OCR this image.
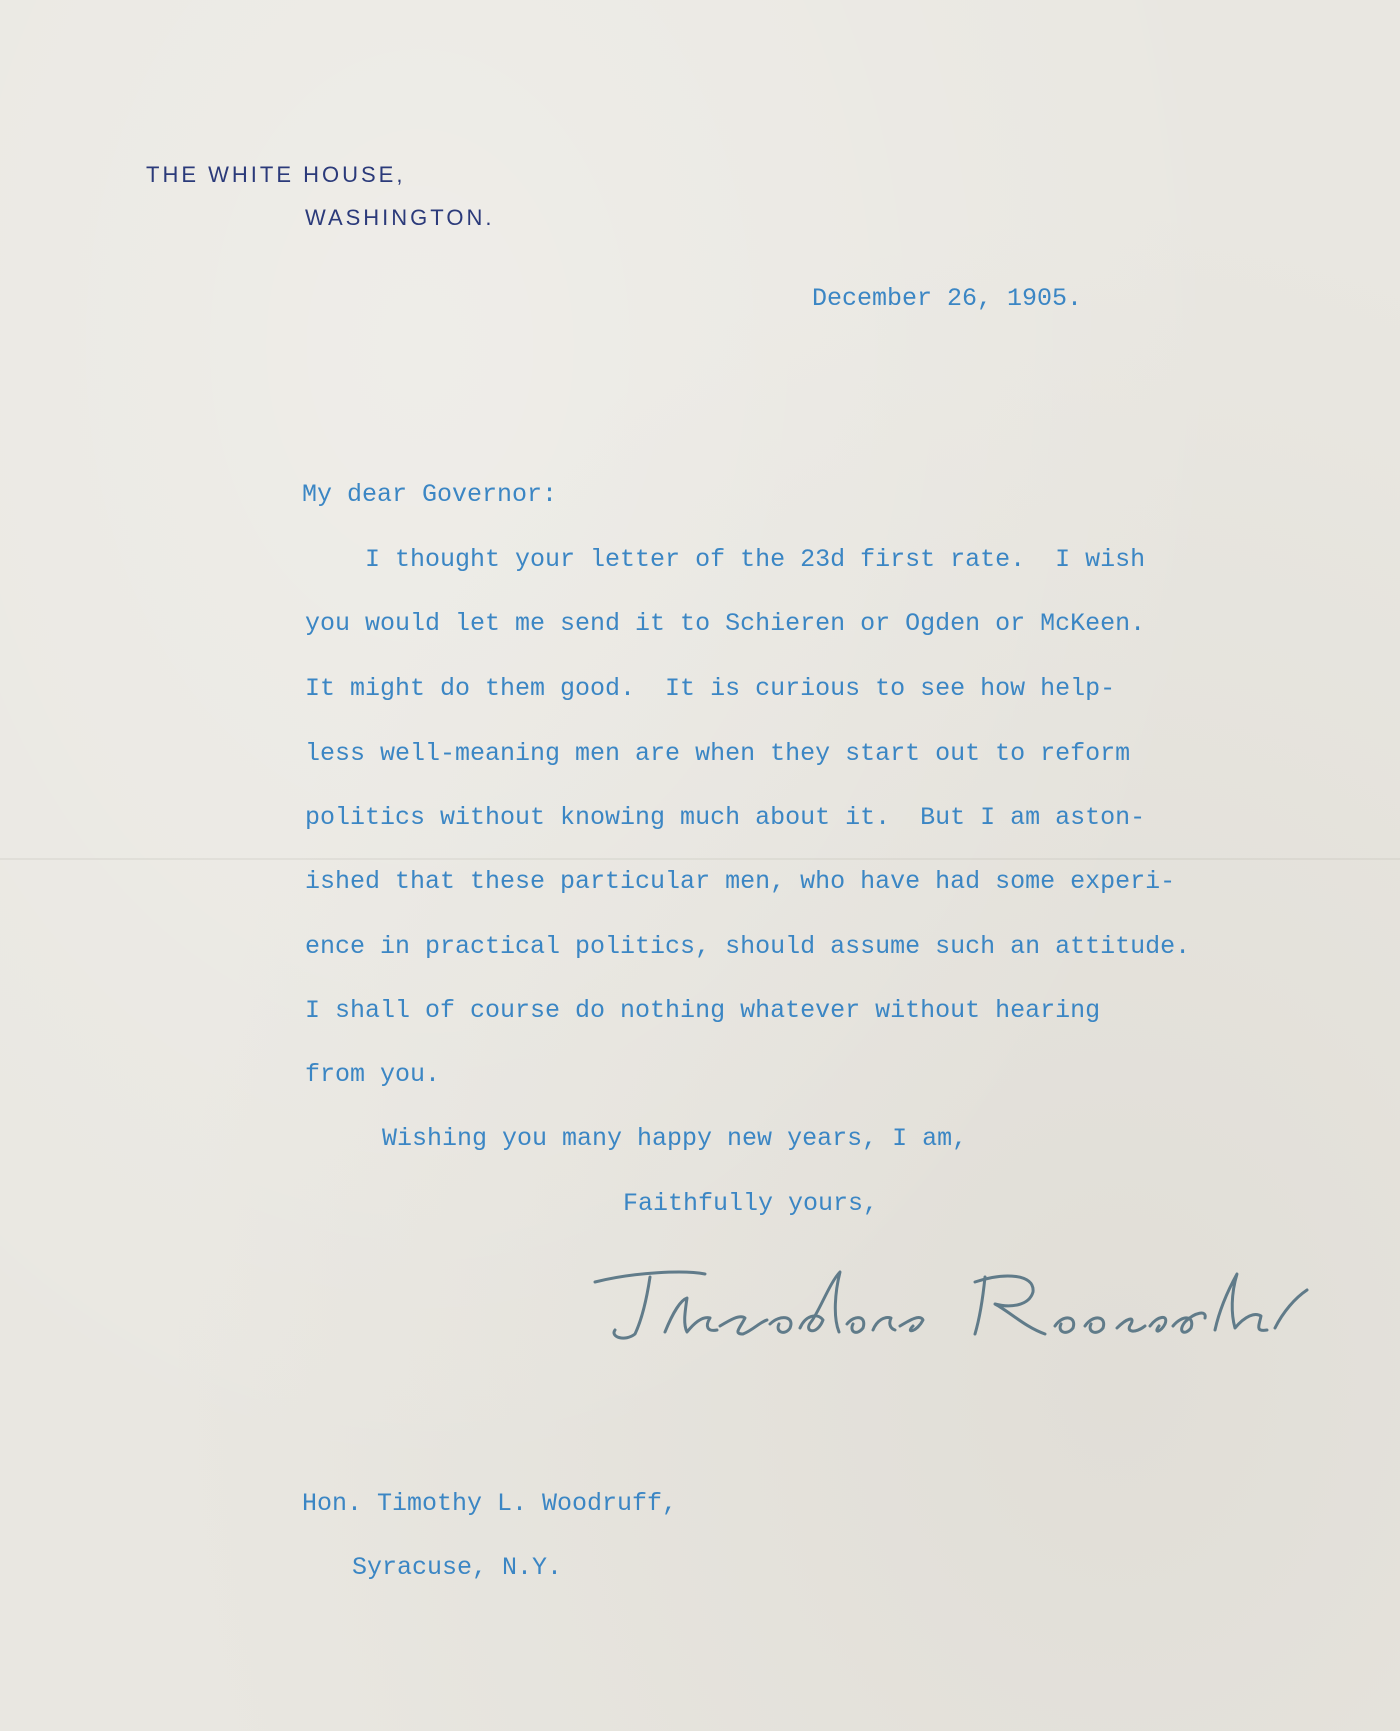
THE WHITE HOUSE,
WASHINGTON.
December 26, 1905.
My dear Governor:
I thought your letter of the 23d first rate.  I wish
you would let me send it to Schieren or Ogden or McKeen.
It might do them good.  It is curious to see how help-
less well-meaning men are when they start out to reform
politics without knowing much about it.  But I am aston-
ished that these particular men, who have had some experi-
ence in practical politics, should assume such an attitude.
I shall of course do nothing whatever without hearing
from you.
Wishing you many happy new years, I am,
Faithfully yours,
Hon. Timothy L. Woodruff,
Syracuse, N.Y.
